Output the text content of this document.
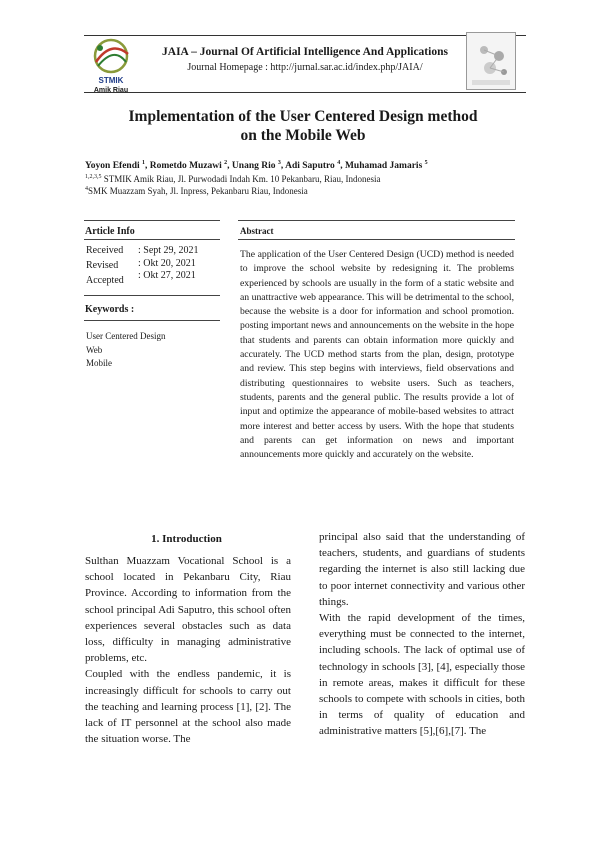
STMIK
Amik Riau
JAIA – Journal Of Artificial Intelligence And Applications
Journal Homepage : http://jurnal.sar.ac.id/index.php/JAIA/
Implementation of the User Centered Design method
on the Mobile Web
Yoyon Efendi $^1$, Rometdo Muzawi $^2$, Unang Rio $^3$, Adi Saputro $^4$, Muhamad Jamaris $^5$
$^{1,2,3,5}$ STMIK Amik Riau, Jl. Purwodadi Indah Km. 10 Pekanbaru, Riau, Indonesia
$^4$SMK Muazzam Syah, Jl. Inpress, Pekanbaru Riau, Indonesia
Article Info
Received : Sept 29, 2021
Revised : Okt 20, 2021
Accepted : Okt 27, 2021
Keywords :
User Centered Design
Web
Mobile
Abstract

The application of the User Centered Design (UCD) method is needed to improve the school website by redesigning it. The problems experienced by schools are usually in the form of a static website and an unattractive web appearance. This will be detrimental to the school, because the website is a door for information and school promotion. posting important news and announcements on the website in the hope that students and parents can obtain information more quickly and accurately. The UCD method starts from the plan, design, prototype and review. This step begins with interviews, field observations and distributing questionnaires to website users. Such as teachers, students, parents and the general public. The results provide a lot of input and optimize the appearance of mobile-based websites to attract more interest and better access by users. With the hope that students and parents can get information on news and important announcements more quickly and accurately on the website.

1. Introduction

Sulthan Muazzam Vocational School is a school located in Pekanbaru City, Riau Province. According to information from the school principal Adi Saputro, this school often experiences several obstacles such as data loss, difficulty in managing administrative problems, etc.

Coupled with the endless pandemic, it is increasingly difficult for schools to carry out the teaching and learning process [1], [2]. The lack of IT personnel at the school also made the situation worse. The

principal also said that the understanding of teachers, students, and guardians of students regarding the internet is also still lacking due to poor internet connectivity and various other things.

With the rapid development of the times, everything must be connected to the internet, including schools. The lack of optimal use of technology in schools [3], [4], especially those in remote areas, makes it difficult for these schools to compete with schools in cities, both in terms of quality of education and administrative matters [5],[6],[7]. The
